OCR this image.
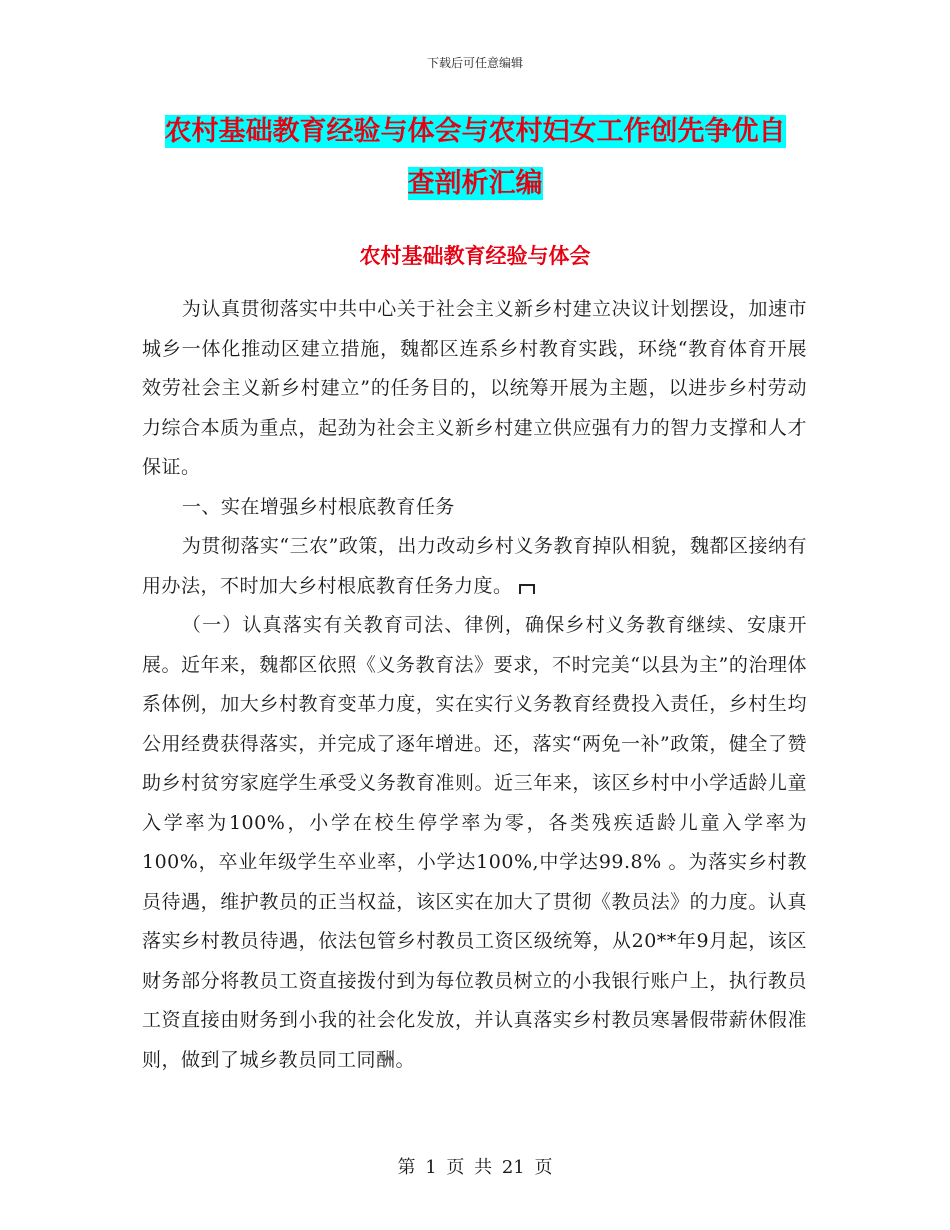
下载后可任意编辑
农村基础教育经验与体会与农村妇女工作创先争优自
查剖析汇编
农村基础教育经验与体会

为认真贯彻落实中共中心关于社会主义新乡村建立决议计划摆设，加速市城乡一体化推动区建立措施，魏都区连系乡村教育实践，环绕“教育体育开展效劳社会主义新乡村建立”的任务目的，以统筹开展为主题，以进步乡村劳动力综合本质为重点，起劲为社会主义新乡村建立供应强有力的智力支撑和人才保证。

一、实在增强乡村根底教育任务

为贯彻落实“三农”政策，出力改动乡村义务教育掉队相貌，魏都区接纳有用办法，不时加大乡村根底教育任务力度。

（一）认真落实有关教育司法、律例，确保乡村义务教育继续、安康开展。近年来，魏都区依照《义务教育法》要求，不时完美“以县为主”的治理体系体例，加大乡村教育变革力度，实在实行义务教育经费投入责任，乡村生均公用经费获得落实，并完成了逐年增进。还，落实“两免一补”政策，健全了赞助乡村贫穷家庭学生承受义务教育准则。近三年来，该区乡村中小学适龄儿童入学率为100%，小学在校生停学率为零，各类残疾适龄儿童入学率为100%，卒业年级学生卒业率，小学达100%,中学达99.8% 。为落实乡村教员待遇，维护教员的正当权益，该区实在加大了贯彻《教员法》的力度。认真落实乡村教员待遇，依法包管乡村教员工资区级统筹，从20**年9月起，该区财务部分将教员工资直接拨付到为每位教员树立的小我银行账户上，执行教员工资直接由财务到小我的社会化发放，并认真落实乡村教员寒暑假带薪休假准则，做到了城乡教员同工同酬。

第 1 页 共 21 页
